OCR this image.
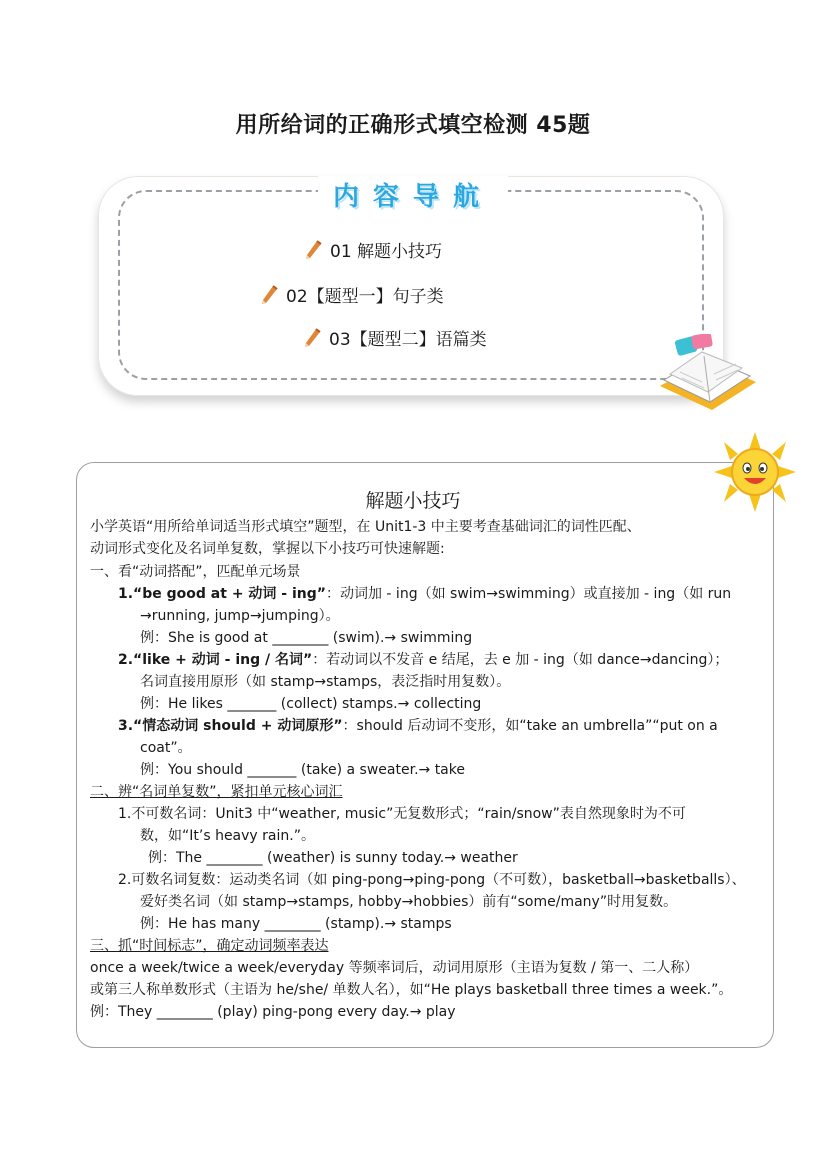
用所给词的正确形式填空检测 45题
内容导航
01 解题小技巧
02【题型一】句子类
03【题型二】语篇类
解题小技巧
小学英语“用所给单词适当形式填空”题型，在 Unit1-3 中主要考查基础词汇的词性匹配、
动词形式变化及名词单复数，掌握以下小技巧可快速解题:
一、看“动词搭配”，匹配单元场景
1.“be good at + 动词 - ing”：动词加 - ing（如 swim→swimming）或直接加 - ing（如 run
→running, jump→jumping）。
例：She is good at ________ (swim).→ swimming
2.“like + 动词 - ing / 名词”：若动词以不发音 e 结尾，去 e 加 - ing（如 dance→dancing）；
名词直接用原形（如 stamp→stamps，表泛指时用复数）。
例：He likes _______ (collect) stamps.→ collecting
3.“情态动词 should + 动词原形”：should 后动词不变形，如“take an umbrella”“put on a
coat”。
例：You should _______ (take) a sweater.→ take
二、辨“名词单复数”，紧扣单元核心词汇
1.不可数名词：Unit3 中“weather, music”无复数形式；“rain/snow”表自然现象时为不可
数，如“It’s heavy rain.”。
例：The ________ (weather) is sunny today.→ weather
2.可数名词复数：运动类名词（如 ping-pong→ping-pong（不可数），basketball→basketballs）、
爱好类名词（如 stamp→stamps, hobby→hobbies）前有“some/many”时用复数。
例：He has many ________ (stamp).→ stamps
三、抓“时间标志”，确定动词频率表达
once a week/twice a week/everyday 等频率词后，动词用原形（主语为复数 / 第一、二人称）
或第三人称单数形式（主语为 he/she/ 单数人名），如“He plays basketball three times a week.”。
例：They ________ (play) ping-pong every day.→ play
